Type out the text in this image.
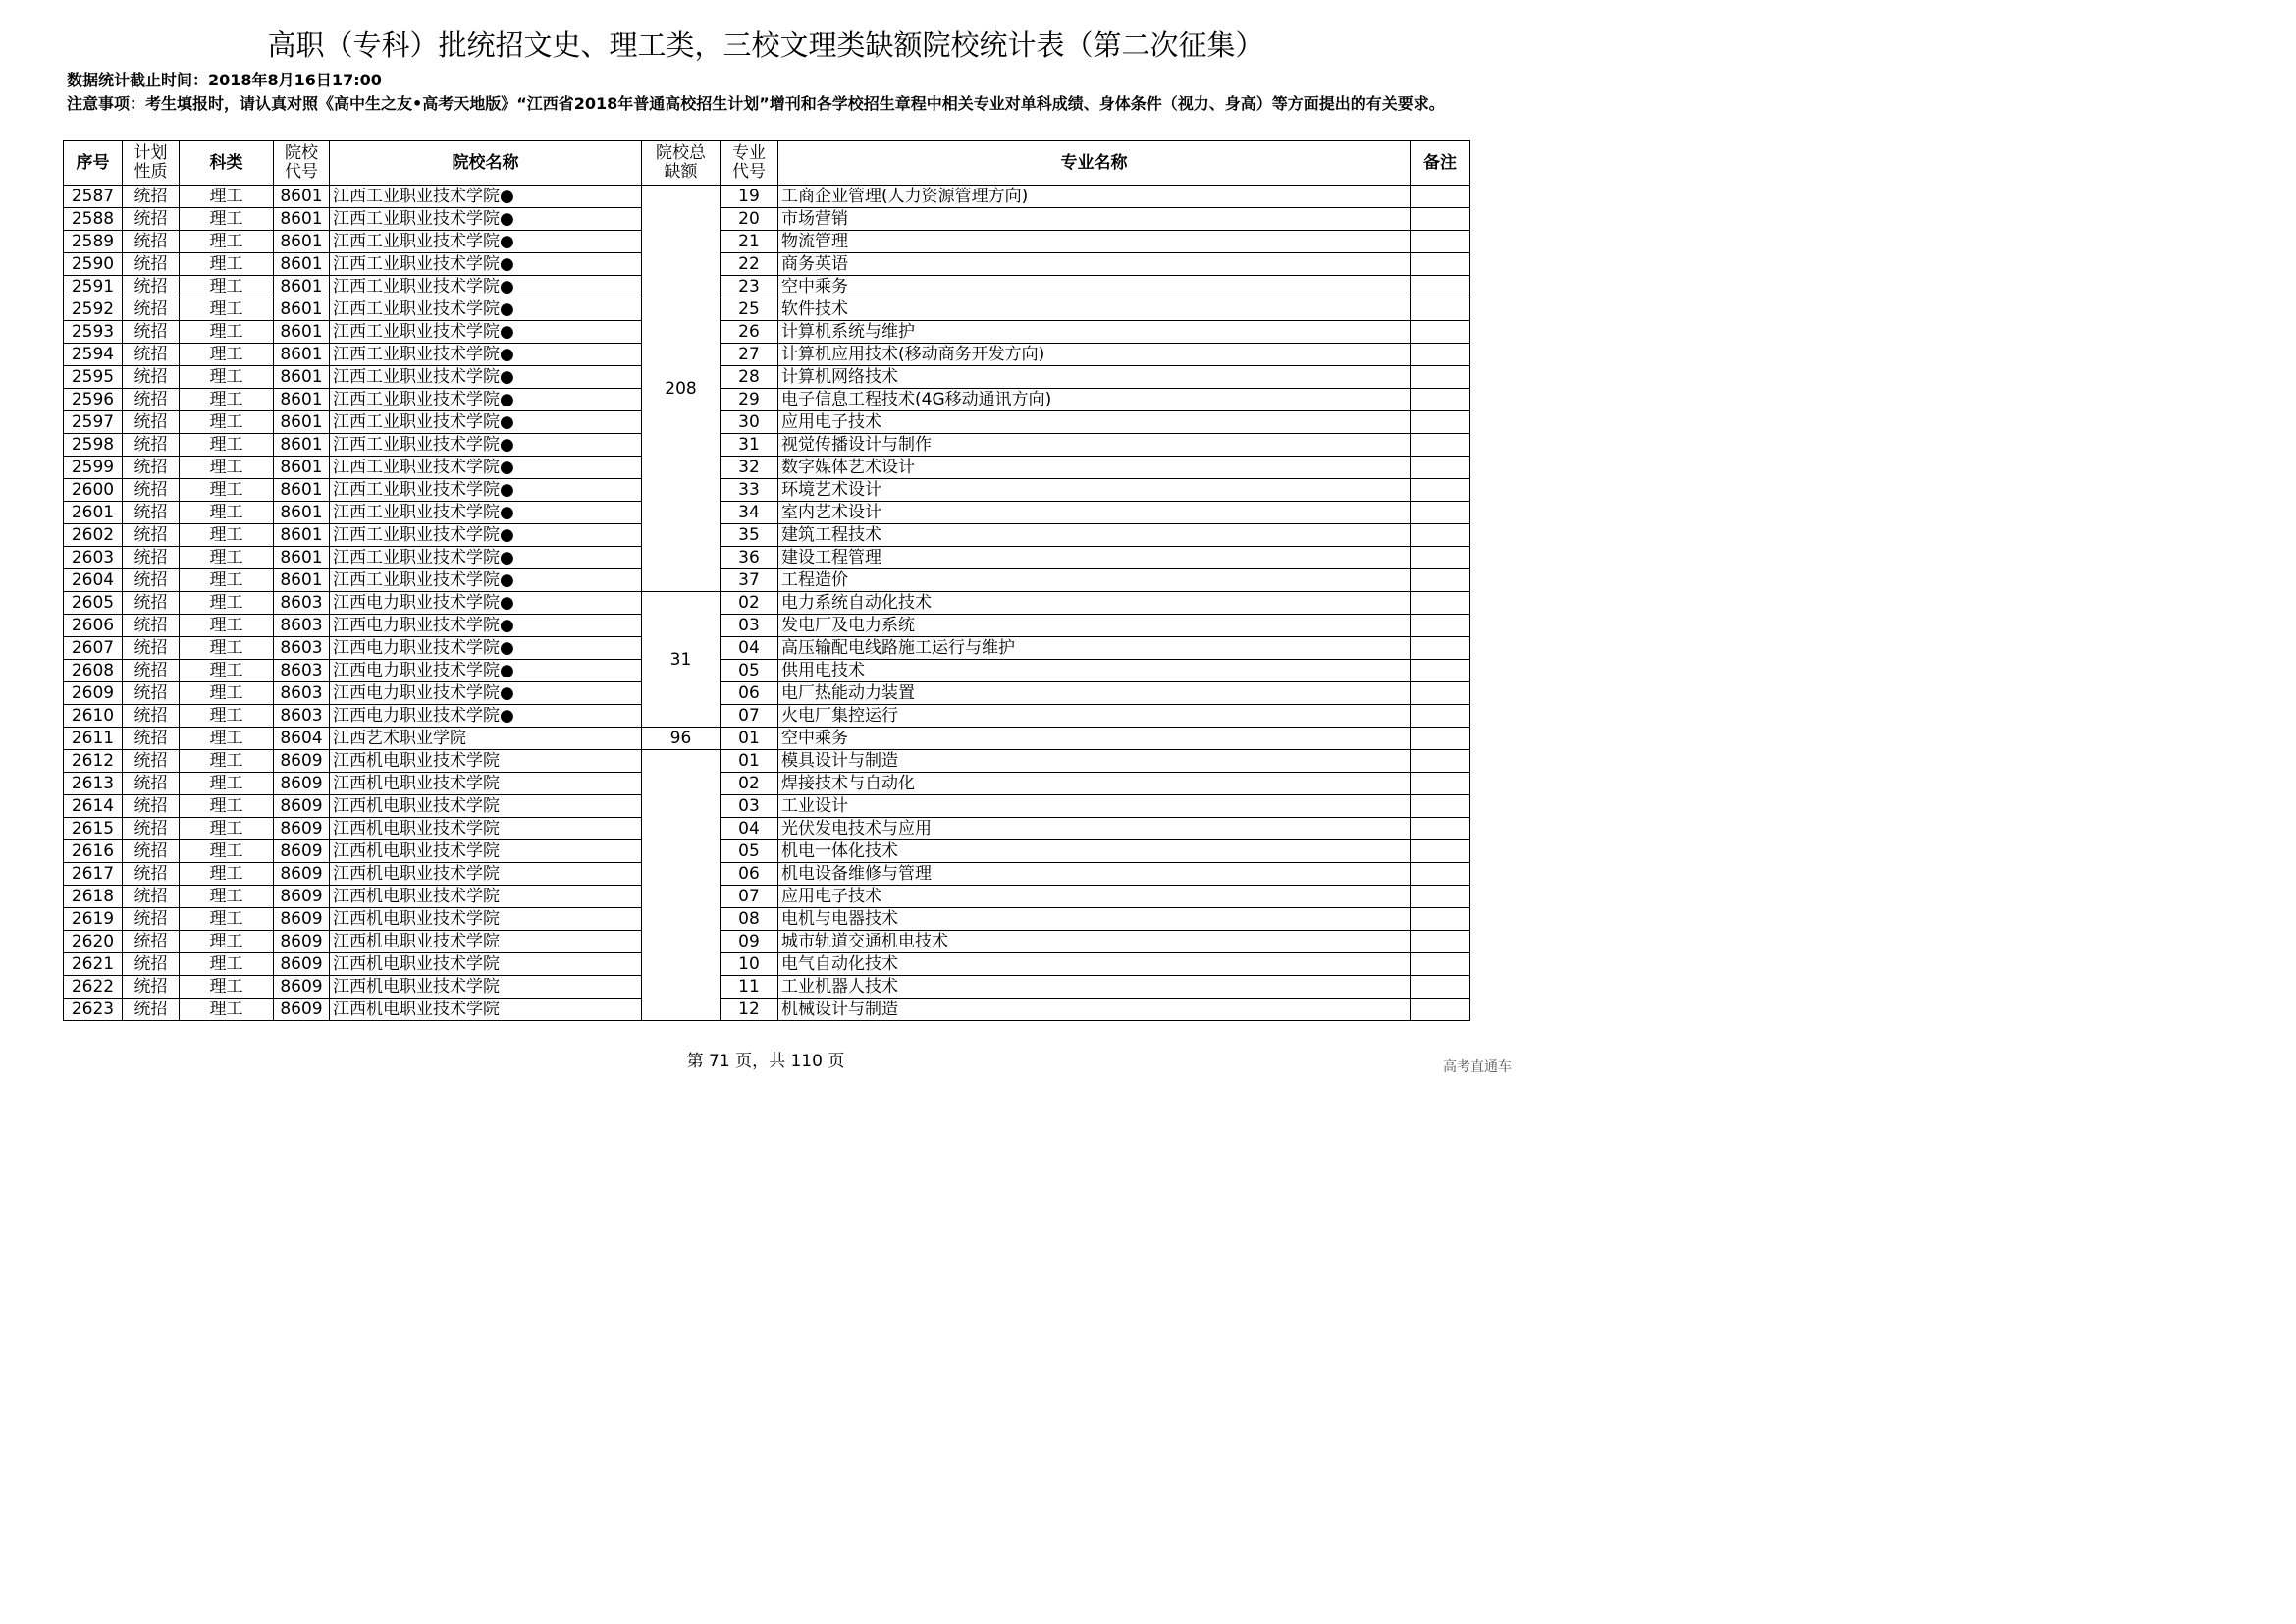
高职（专科）批统招文史、理工类，三校文理类缺额院校统计表（第二次征集）
数据统计截止时间：2018年8月16日17:00
注意事项：考生填报时，请认真对照《高中生之友•高考天地版》“江西省2018年普通高校招生计划”增刊和各学校招生章程中相关专业对单科成绩、身体条件（视力、身高）等方面提出的有关要求。
序号	计划性质	科类	院校代号	院校名称	院校总缺额	专业代号	专业名称	备注
2587	统招	理工	8601	江西工业职业技术学院●	208	19	工商企业管理(人力资源管理方向)	
2588	统招	理工	8601	江西工业职业技术学院●		20	市场营销	
2589	统招	理工	8601	江西工业职业技术学院●		21	物流管理	
2590	统招	理工	8601	江西工业职业技术学院●		22	商务英语	
2591	统招	理工	8601	江西工业职业技术学院●		23	空中乘务	
2592	统招	理工	8601	江西工业职业技术学院●		25	软件技术	
2593	统招	理工	8601	江西工业职业技术学院●		26	计算机系统与维护	
2594	统招	理工	8601	江西工业职业技术学院●		27	计算机应用技术(移动商务开发方向)	
2595	统招	理工	8601	江西工业职业技术学院●		28	计算机网络技术	
2596	统招	理工	8601	江西工业职业技术学院●		29	电子信息工程技术(4G移动通讯方向)	
2597	统招	理工	8601	江西工业职业技术学院●		30	应用电子技术	
2598	统招	理工	8601	江西工业职业技术学院●		31	视觉传播设计与制作	
2599	统招	理工	8601	江西工业职业技术学院●		32	数字媒体艺术设计	
2600	统招	理工	8601	江西工业职业技术学院●		33	环境艺术设计	
2601	统招	理工	8601	江西工业职业技术学院●		34	室内艺术设计	
2602	统招	理工	8601	江西工业职业技术学院●		35	建筑工程技术	
2603	统招	理工	8601	江西工业职业技术学院●		36	建设工程管理	
2604	统招	理工	8601	江西工业职业技术学院●		37	工程造价	
2605	统招	理工	8603	江西电力职业技术学院●	31	02	电力系统自动化技术	
2606	统招	理工	8603	江西电力职业技术学院●		03	发电厂及电力系统	
2607	统招	理工	8603	江西电力职业技术学院●		04	高压输配电线路施工运行与维护	
2608	统招	理工	8603	江西电力职业技术学院●		05	供用电技术	
2609	统招	理工	8603	江西电力职业技术学院●		06	电厂热能动力装置	
2610	统招	理工	8603	江西电力职业技术学院●		07	火电厂集控运行	
2611	统招	理工	8604	江西艺术职业学院	96	01	空中乘务	
2612	统招	理工	8609	江西机电职业技术学院		01	模具设计与制造	
2613	统招	理工	8609	江西机电职业技术学院		02	焊接技术与自动化	
2614	统招	理工	8609	江西机电职业技术学院		03	工业设计	
2615	统招	理工	8609	江西机电职业技术学院		04	光伏发电技术与应用	
2616	统招	理工	8609	江西机电职业技术学院		05	机电一体化技术	
2617	统招	理工	8609	江西机电职业技术学院		06	机电设备维修与管理	
2618	统招	理工	8609	江西机电职业技术学院		07	应用电子技术	
2619	统招	理工	8609	江西机电职业技术学院		08	电机与电器技术	
2620	统招	理工	8609	江西机电职业技术学院		09	城市轨道交通机电技术	
2621	统招	理工	8609	江西机电职业技术学院		10	电气自动化技术	
2622	统招	理工	8609	江西机电职业技术学院		11	工业机器人技术	
2623	统招	理工	8609	江西机电职业技术学院		12	机械设计与制造	
第 71 页，共 110 页	高考直通车
